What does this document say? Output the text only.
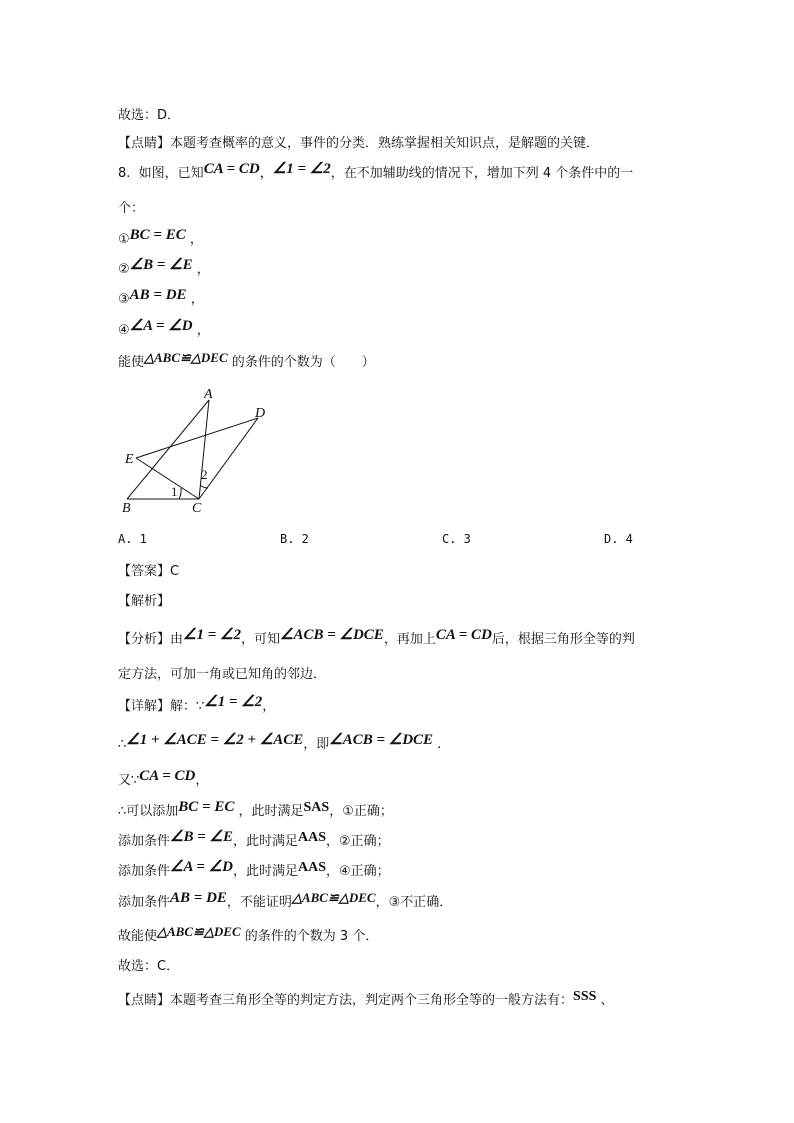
故选：D．
【点睛】本题考查概率的意义，事件的分类．熟练掌握相关知识点，是解题的关键．
8. 如图，已知CA = CD，∠1 = ∠2，在不加辅助线的情况下，增加下列 4 个条件中的一
个：
①BC = EC ，
②∠B = ∠E ，
③AB = DE ，
④∠A = ∠D ，
能使△ABC≌△DEC 的条件的个数为（　　）
A
D
E
B	C
1
2
A. 1	B. 2	C. 3	D. 4
【答案】C
【解析】
【分析】由∠1 = ∠2，可知∠ACB = ∠DCE，再加上CA = CD后，根据三角形全等的判
定方法，可加一角或已知角的邻边．
【详解】解：∵∠1 = ∠2，
∴∠1 + ∠ACE = ∠2 + ∠ACE，即∠ACB = ∠DCE .
又∵CA = CD，
∴可以添加BC = EC ，此时满足SAS，①正确；
添加条件∠B = ∠E，此时满足AAS，②正确；
添加条件∠A = ∠D，此时满足AAS，④正确；
添加条件AB = DE，不能证明△ABC≌△DEC，③不正确．
故能使△ABC≌△DEC 的条件的个数为 3 个．
故选：C．
【点睛】本题考查三角形全等的判定方法，判定两个三角形全等的一般方法有：SSS 、
